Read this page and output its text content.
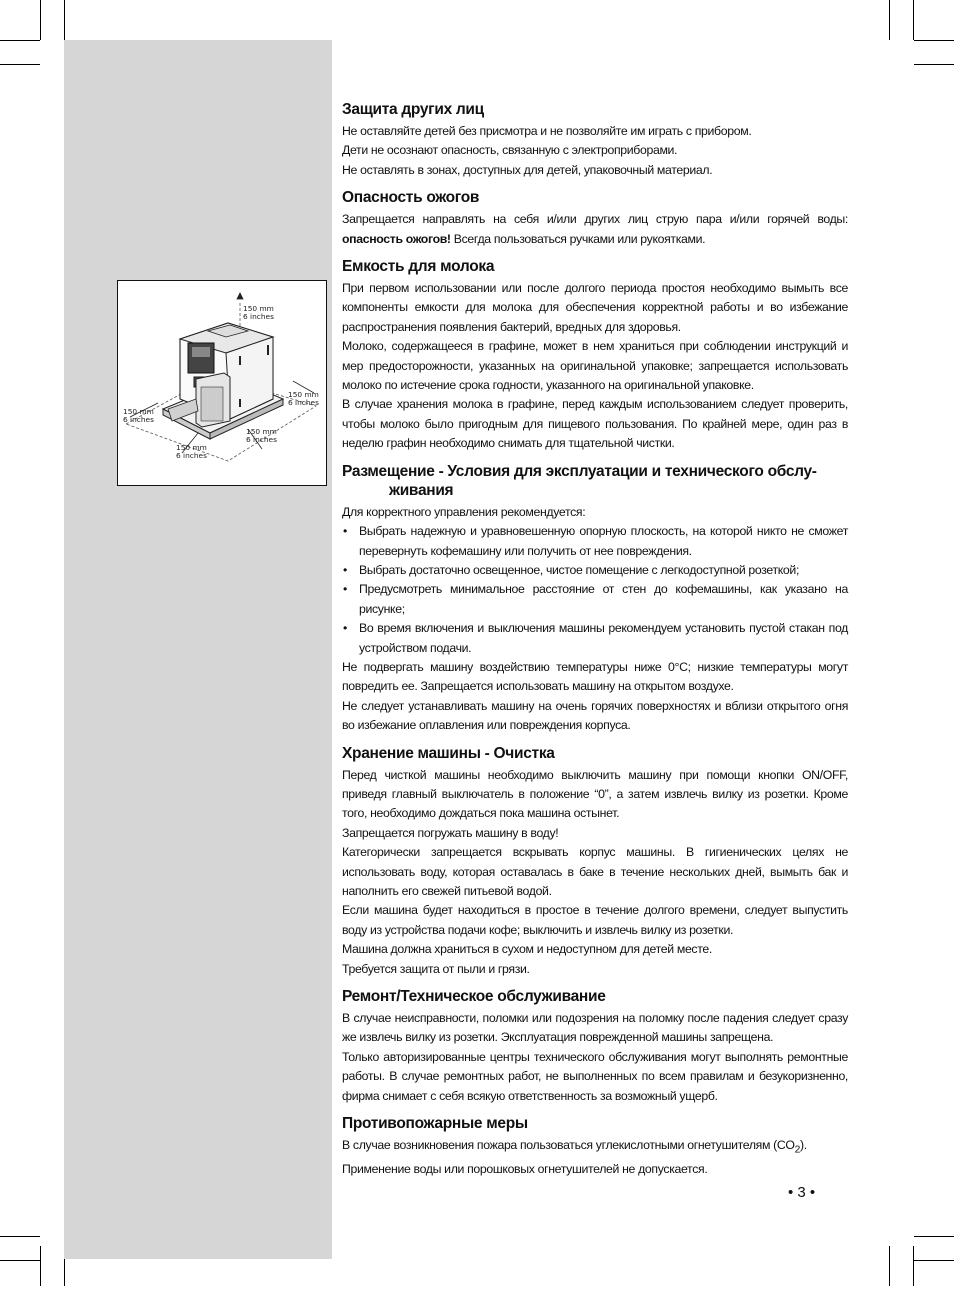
150 mm
6 inches
150 mm
6 inches
150 mm
6 inches
150 mm
6 inches
150 mm
6 inches
Защита других лиц

Не оставляйте детей без присмотра и не позволяйте им играть с прибором.

Дети не осознают опасность, связанную с электроприборами.

Не оставлять в зонах, доступных для детей, упаковочный материал.

Опасность ожогов

Запрещается направлять на себя и/или других лиц струю пара и/или горячей воды: опасность ожогов! Всегда пользоваться ручками или рукоятками.

Емкость для молока

При первом использовании или после долгого периода простоя необходимо вымыть все компоненты емкости для молока для обеспечения корректной работы и во избежание распространения появления бактерий, вредных для здоровья.

Молоко, содержащееся в графине, может в нем храниться при соблюдении инструкций и мер предосторожности, указанных на оригинальной упаковке; запрещается использовать молоко по истечение срока годности, указанного на оригинальной упаковке.

В случае хранения молока в графине, перед каждым использованием следует проверить, чтобы молоко было пригодным для пищевого пользования. По крайней мере, один раз в неделю графин необходимо снимать для тщательной чистки.

Размещение - Условия для эксплуатации и технического обслу-
живания

Для корректного управления рекомендуется:

• Выбрать надежную и уравновешенную опорную плоскость, на которой никто не сможет перевернуть кофемашину или получить от нее повреждения.
• Выбрать достаточно освещенное, чистое помещение с легкодоступной розеткой;
• Предусмотреть минимальное расстояние от стен до кофемашины, как указано на рисунке;
• Во время включения и выключения машины рекомендуем установить пустой стакан под устройством подачи.

Не подвергать машину воздействию температуры ниже 0°C; низкие температуры могут повредить ее. Запрещается использовать машину на открытом воздухе.

Не следует устанавливать машину на очень горячих поверхностях и вблизи открытого огня во избежание оплавления или повреждения корпуса.

Хранение машины - Очистка

Перед чисткой машины необходимо выключить машину при помощи кнопки ON/OFF, приведя главный выключатель в положение “0”, а затем извлечь вилку из розетки. Кроме того, необходимо дождаться пока машина остынет.

Запрещается погружать машину в воду!

Категорически запрещается вскрывать корпус машины. В гигиенических целях не использовать воду, которая оставалась в баке в течение нескольких дней, вымыть бак и наполнить его свежей питьевой водой.

Если машина будет находиться в простое в течение долгого времени, следует выпустить воду из устройства подачи кофе; выключить и извлечь вилку из розетки.

Машина должна храниться в сухом и недоступном для детей месте.

Требуется защита от пыли и грязи.

Ремонт/Техническое обслуживание

В случае неисправности, поломки или подозрения на поломку после падения следует сразу же извлечь вилку из розетки. Эксплуатация поврежденной машины запрещена.

Только авторизированные центры технического обслуживания могут выполнять ремонтные работы. В случае ремонтных работ, не выполненных по всем правилам и безукоризненно, фирма снимает с себя всякую ответственность за возможный ущерб.

Противопожарные меры

В случае возникновения пожара пользоваться углекислотными огнетушителям $(CO_2)$.

Применение воды или порошковых огнетушителей не допускается.

• 3 •
